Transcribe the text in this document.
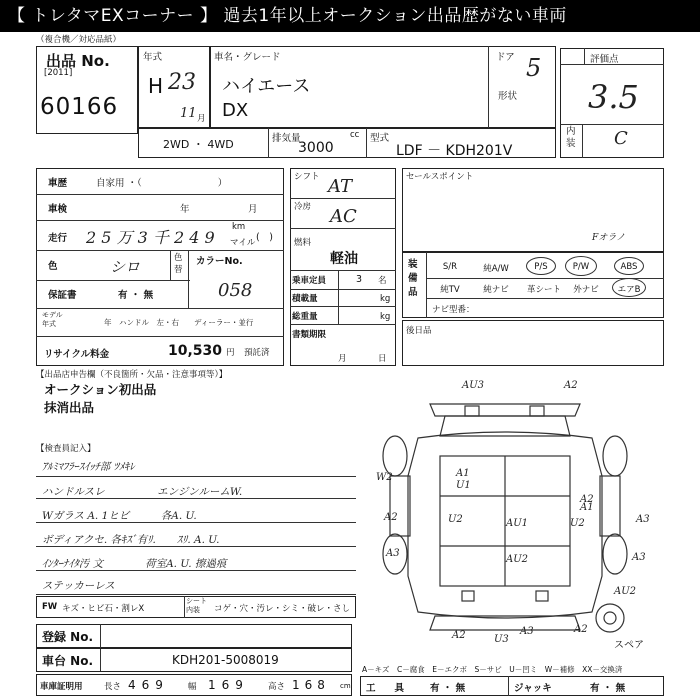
【 トレタマEXコーナー 】 過去1年以上オークション出品歴がない車両
（複合機／対応品紙）
出品 No.
[2011]
60166
年式
H 23
11 月
車名・グレード
ハイエース
DX
ドア 5
形状
2WD ・ 4WD	排気量	cc
3000
型式
LDF － KDH201V
評価点
3.5
内装 C
車歴	自家用 ・（　　　　　　　　）
車検	年	月
走行 2 5 万 3 千 2 4 9
km
マイル (　)
色	シロ	色替
カラーNo.
058
保証書	有 ・ 無
モデル年式	年　ハンドル　左・右　　ディーラー・並行
リサイクル料金	10,530 円 預託済
シフト AT
冷房 AC
燃料
軽油
乗車定員	3 名
積載量	kg
総重量	kg
書類期限
月	日
セールスポイント
Fオラノ
装備品
S/R	純A/W	P/S	P/W	ABS
純TV	純ナビ	革シート	外ナビ	エアB
ナビ型番：
後日品
【出品店申告欄（不良箇所・欠品・注意事項等）】
オークション初出品
抹消出品
【検査員記入】
ｱﾙﾐﾏﾌﾗｰｽｲｯﾁ部 ﾂﾒｷﾚ
ハンドルスレ　　　　　エンジンルームW.
Wガラス A. 1ヒビ　　　各A. U.
ボディアクセ. 各ｷｽﾞ有ﾘ.　　ｽﾘ. A. U.
ｲﾝﾀｰﾅｲﾀ汚 文　　　　荷室A. U. 擦過痕
ステッカーレス
FW キズ・ヒビ石・割レX
シート内装	コゲ・穴・汚レ・シミ・破レ・さし
AU3	A2
W2	A1
U1
A2	U2	AU1
A2
A1
U2	A3
A3
AU2	A3
A2	U3
A3	A2
AU2
スペア
登録 No.
車台 No.	KDH201-5008019
車庫証明用	長さ 469 幅 169 高さ 168 cm
A－キズ　C－腐食　E－エクボ　S－サビ　U－凹ミ　W－補修　XX－交換済
工　　具	有 ・ 無	ジャッキ	有 ・ 無
